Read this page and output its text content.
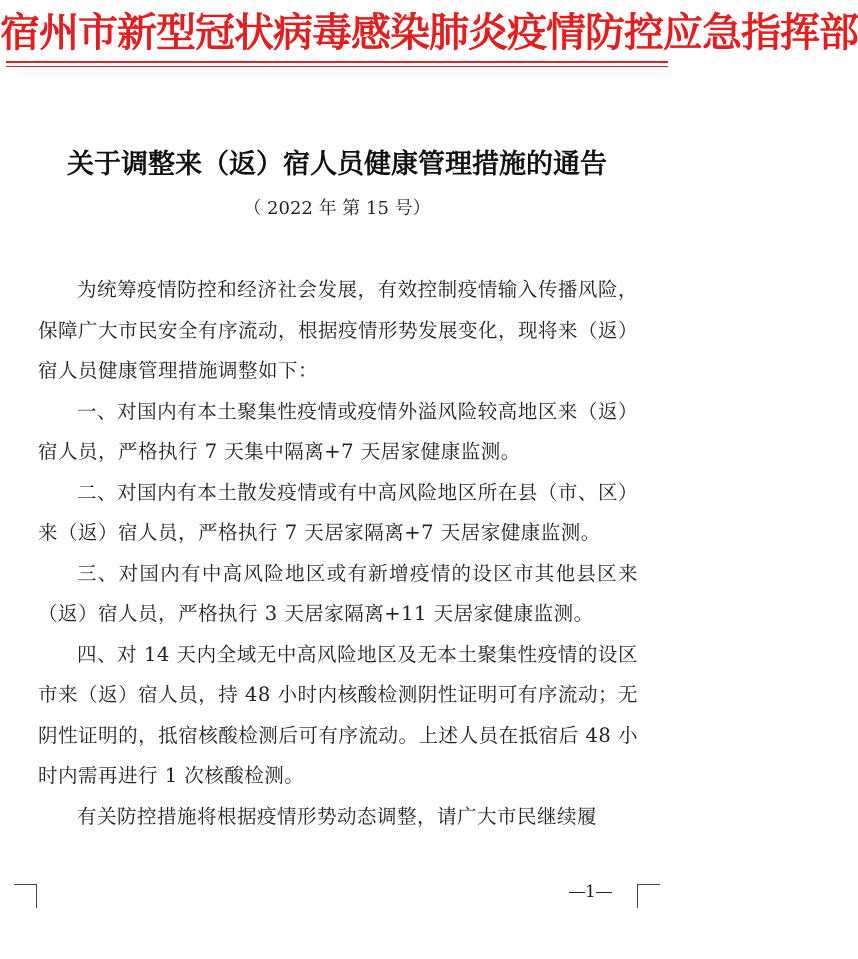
宿州市新型冠状病毒感染肺炎疫情防控应急指挥部
关于调整来（返）宿人员健康管理措施的通告
（ 2022 年 第 15 号）

为统筹疫情防控和经济社会发展，有效控制疫情输入传播风险，保障广大市民安全有序流动，根据疫情形势发展变化，现将来（返）宿人员健康管理措施调整如下：

一、对国内有本土聚集性疫情或疫情外溢风险较高地区来（返）宿人员，严格执行 7 天集中隔离+7 天居家健康监测。

二、对国内有本土散发疫情或有中高风险地区所在县（市、区）来（返）宿人员，严格执行 7 天居家隔离+7 天居家健康监测。

三、对国内有中高风险地区或有新增疫情的设区市其他县区来（返）宿人员，严格执行 3 天居家隔离+11 天居家健康监测。

四、对 14 天内全域无中高风险地区及无本土聚集性疫情的设区市来（返）宿人员，持 48 小时内核酸检测阴性证明可有序流动；无阴性证明的，抵宿核酸检测后可有序流动。上述人员在抵宿后 48 小时内需再进行 1 次核酸检测。

有关防控措施将根据疫情形势动态调整，请广大市民继续履

1
